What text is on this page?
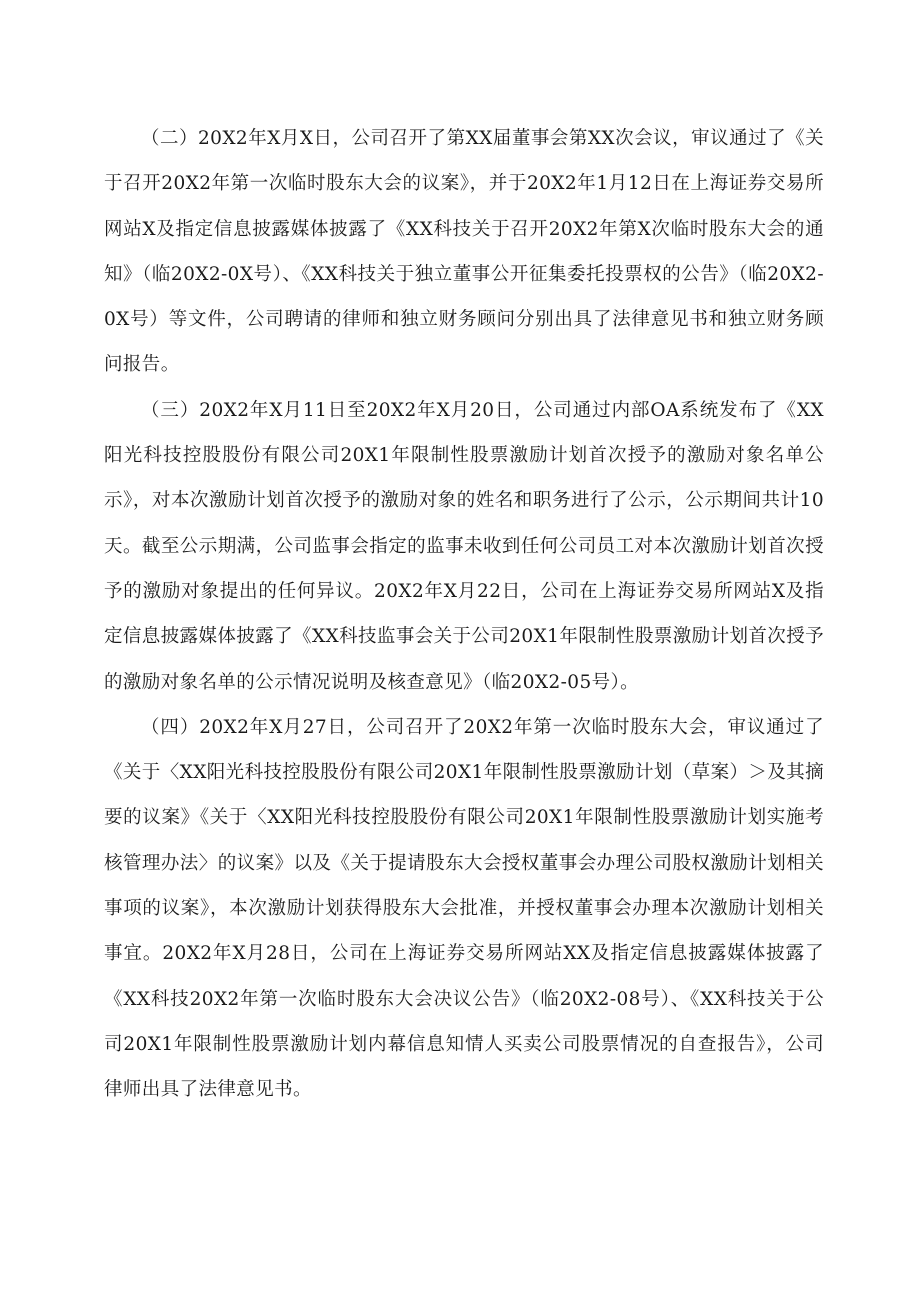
（二）20X2年X月X日，公司召开了第XX届董事会第XX次会议，审议通过了《关于召开20X2年第一次临时股东大会的议案》，并于20X2年1月12日在上海证券交易所网站X及指定信息披露媒体披露了《XX科技关于召开20X2年第X次临时股东大会的通知》（临20X2-0X号）、《XX科技关于独立董事公开征集委托投票权的公告》（临20X2-0X号）等文件，公司聘请的律师和独立财务顾问分别出具了法律意见书和独立财务顾问报告。

（三）20X2年X月11日至20X2年X月20日，公司通过内部OA系统发布了《XX阳光科技控股股份有限公司20X1年限制性股票激励计划首次授予的激励对象名单公示》，对本次激励计划首次授予的激励对象的姓名和职务进行了公示，公示期间共计10天。截至公示期满，公司监事会指定的监事未收到任何公司员工对本次激励计划首次授予的激励对象提出的任何异议。20X2年X月22日，公司在上海证券交易所网站X及指定信息披露媒体披露了《XX科技监事会关于公司20X1年限制性股票激励计划首次授予的激励对象名单的公示情况说明及核查意见》（临20X2-05号）。

（四）20X2年X月27日，公司召开了20X2年第一次临时股东大会，审议通过了《关于〈XX阳光科技控股股份有限公司20X1年限制性股票激励计划（草案）＞及其摘要的议案》《关于〈XX阳光科技控股股份有限公司20X1年限制性股票激励计划实施考核管理办法〉的议案》以及《关于提请股东大会授权董事会办理公司股权激励计划相关事项的议案》，本次激励计划获得股东大会批准，并授权董事会办理本次激励计划相关事宜。20X2年X月28日，公司在上海证券交易所网站XX及指定信息披露媒体披露了《XX科技20X2年第一次临时股东大会决议公告》（临20X2-08号）、《XX科技关于公司20X1年限制性股票激励计划内幕信息知情人买卖公司股票情况的自查报告》，公司律师出具了法律意见书。
